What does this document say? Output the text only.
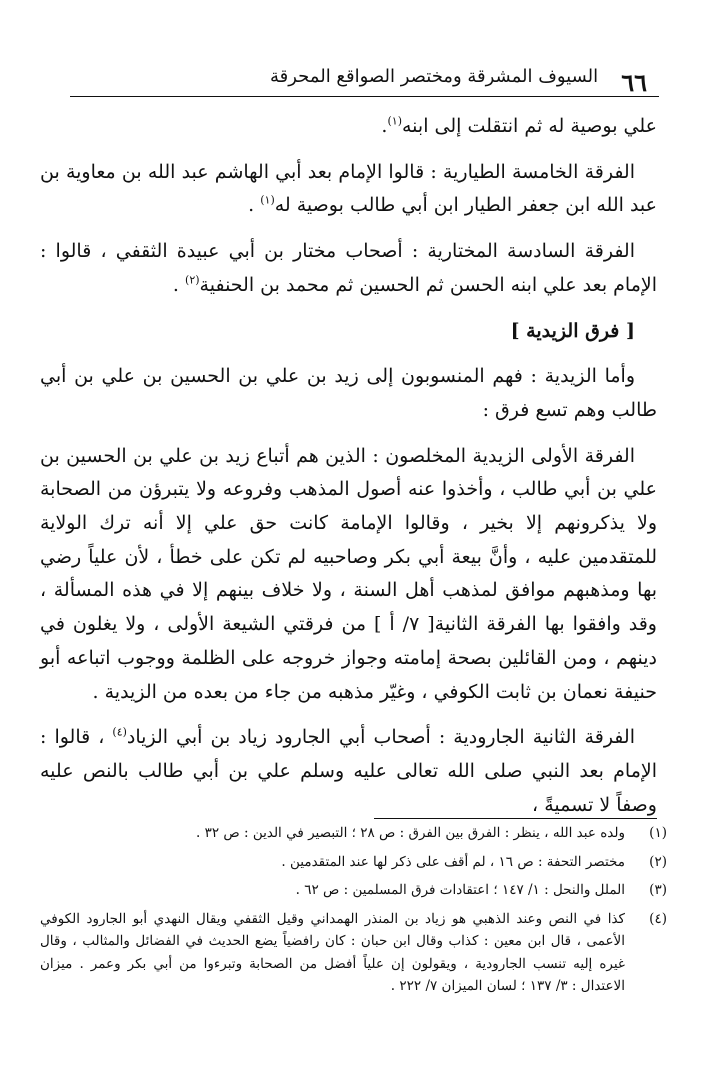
٦٦
السيوف المشرقة ومختصر الصواقع المحرقة

علي بوصية له ثم انتقلت إلى ابنه$^{(١)}$.

الفرقة الخامسة الطيارية : قالوا الإمام بعد أبي الهاشم عبد الله بن معاوية بن عبد الله ابن جعفر الطيار ابن أبي طالب بوصية له$^{(١)}$ .

الفرقة السادسة المختارية : أصحاب مختار بن أبي عبيدة الثقفي ، قالوا : الإمام بعد علي ابنه الحسن ثم الحسين ثم محمد بن الحنفية$^{(٢)}$ .

[ فرق الزيدية ]

وأما الزيدية : فهم المنسوبون إلى زيد بن علي بن الحسين بن علي بن أبي طالب وهم تسع فرق :

الفرقة الأولى الزيدية المخلصون : الذين هم أتباع زيد بن علي بن الحسين بن علي بن أبي طالب ، وأخذوا عنه أصول المذهب وفروعه ولا يتبرؤن من الصحابة ولا يذكرونهم إلا بخير ، وقالوا الإمامة كانت حق علي إلا أنه ترك الولاية للمتقدمين عليه ، وأنَّ بيعة أبي بكر وصاحبيه لم تكن على خطأ ، لأن علياً رضي بها ومذهبهم موافق لمذهب أهل السنة ، ولا خلاف بينهم إلا في هذه المسألة ، وقد وافقوا بها الفرقة الثانية[ ٧/ أ ] من فرقتي الشيعة الأولى ، ولا يغلون في دينهم ، ومن القائلين بصحة إمامته وجواز خروجه على الظلمة ووجوب اتباعه أبو حنيفة نعمان بن ثابت الكوفي ، وغيّر مذهبه من جاء من بعده من الزيدية .

الفرقة الثانية الجارودية : أصحاب أبي الجارود زياد بن أبي الزياد$^{(٤)}$ ، قالوا : الإمام بعد النبي صلى الله تعالى عليه وسلم علي بن أبي طالب بالنص عليه وصفاً لا تسميةً ،

(١)
ولده عبد الله ، ينظر : الفرق بين الفرق : ص ٢٨ ؛ التبصير في الدين : ص ٣٢ .

(٢)
مختصر التحفة : ص ١٦ ، لم أقف على ذكر لها عند المتقدمين .

(٣)
الملل والنحل : ١/ ١٤٧ ؛ اعتقادات فرق المسلمين : ص ٦٢ .

(٤)
كذا في النص وعند الذهبي هو زياد بن المنذر الهمداني وقيل الثقفي ويقال النهدي أبو الجارود الكوفي الأعمى ، قال ابن معين : كذاب وقال ابن حبان : كان رافضياً يضع الحديث في الفضائل والمثالب ، وقال غيره إليه تنسب الجارودية ، ويقولون إن علياً أفضل من الصحابة وتبرءوا من أبي بكر وعمر . ميزان الاعتدال : ٣/ ١٣٧ ؛ لسان الميزان ٧/ ٢٢٢ .
